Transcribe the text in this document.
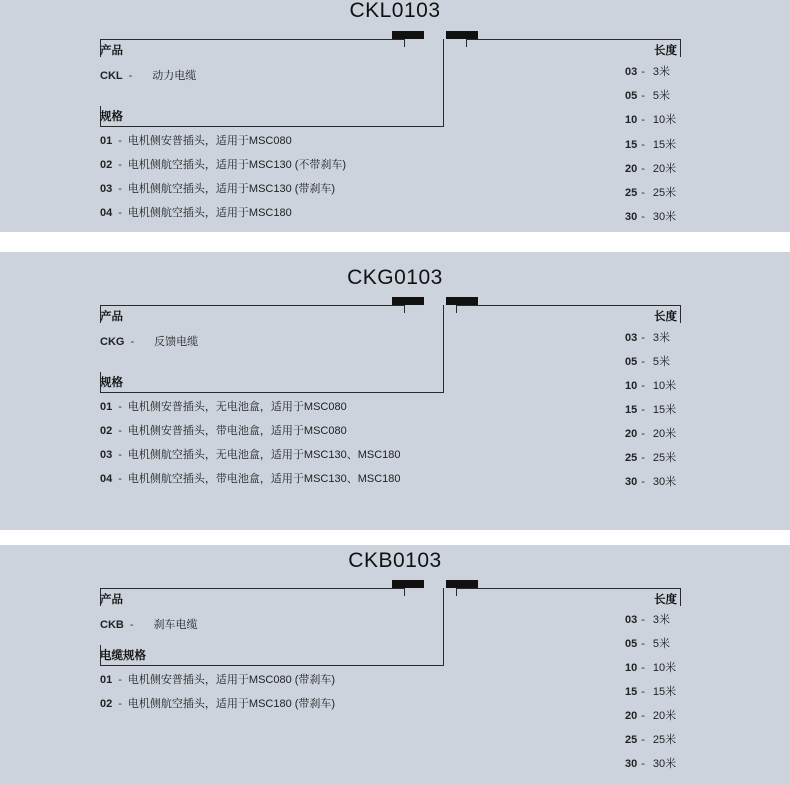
CKL0103
产品
规格
长度
CKL - 动力电缆
01 - 电机侧安普插头，适用于MSC080
02 - 电机侧航空插头，适用于MSC130 (不带刹车)
03 - 电机侧航空插头，适用于MSC130 (带刹车)
04 - 电机侧航空插头，适用于MSC180
03 - 3米
05 - 5米
10 - 10米
15 - 15米
20 - 20米
25 - 25米
30 - 30米
CKG0103
产品
规格
长度
CKG - 反馈电缆
01 - 电机侧安普插头，无电池盒，适用于MSC080
02 - 电机侧安普插头，带电池盒，适用于MSC080
03 - 电机侧航空插头，无电池盒，适用于MSC130、MSC180
04 - 电机侧航空插头，带电池盒，适用于MSC130、MSC180
03 - 3米
05 - 5米
10 - 10米
15 - 15米
20 - 20米
25 - 25米
30 - 30米
CKB0103
产品
电缆规格
长度
CKB - 刹车电缆
01 - 电机侧安普插头，适用于MSC080 (带刹车)
02 - 电机侧航空插头，适用于MSC180 (带刹车)
03 - 3米
05 - 5米
10 - 10米
15 - 15米
20 - 20米
25 - 25米
30 - 30米
